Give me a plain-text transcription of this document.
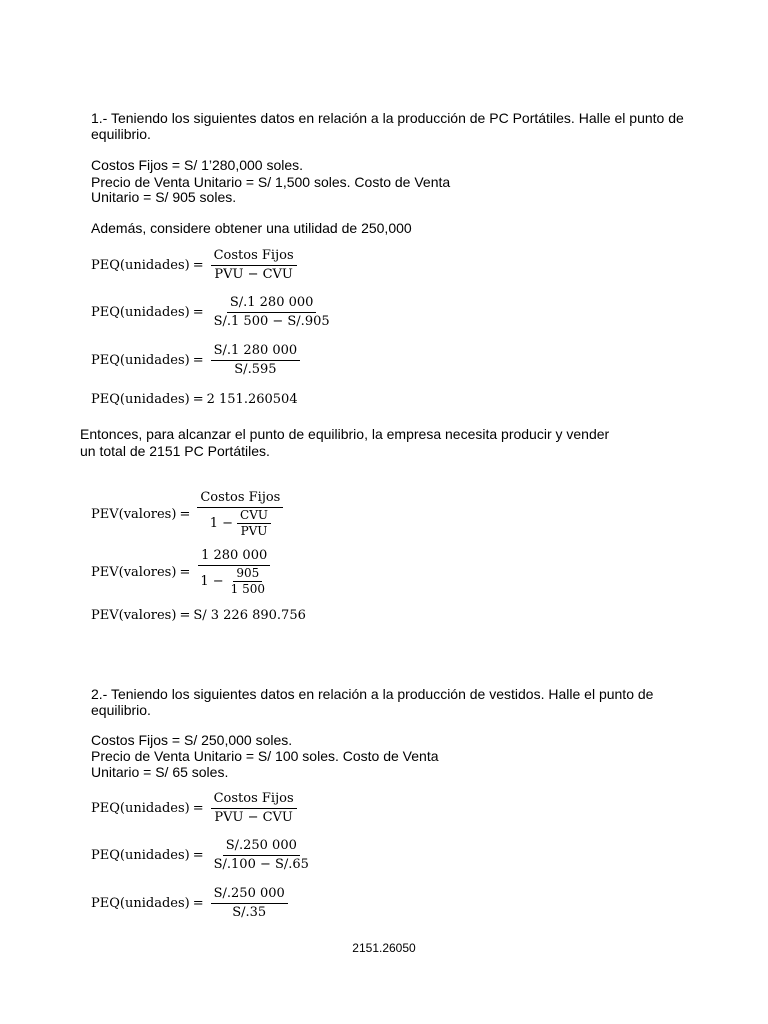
1.- Teniendo los siguientes datos en relación a la producción de PC Portátiles. Halle el punto de
equilibrio.
Costos Fijos = S/ 1’280,000 soles.
Precio de Venta Unitario = S/ 1,500 soles. Costo de Venta
Unitario = S/ 905 soles.
Además, considere obtener una utilidad de 250,000
PEQ(unidades) = $\frac{\text{Costos Fijos}}{\text{PVU − CVU}}$
PEQ(unidades) = $\frac{S/.1 280 000}{S/.1 500 - S/.905}$
PEQ(unidades) = $\frac{S/.1 280 000}{S/.595}$
PEQ(unidades) = 2 151.260504
Entonces, para alcanzar el punto de equilibrio, la empresa necesita producir y vender
un total de 2151 PC Portátiles.
PEV(valores) = $\frac{\text{Costos Fijos}}{1 - \frac{\text{CVU}}{\text{PVU}}}$
PEV(valores) = $\frac{1 280 000}{1 - \frac{905}{1 500}}$
PEV(valores) = S/ 3 226 890.756
2.- Teniendo los siguientes datos en relación a la producción de vestidos. Halle el punto de
equilibrio.
Costos Fijos = S/ 250,000 soles.
Precio de Venta Unitario = S/ 100 soles. Costo de Venta
Unitario = S/ 65 soles.
PEQ(unidades) = $\frac{\text{Costos Fijos}}{\text{PVU − CVU}}$
PEQ(unidades) = $\frac{S/.250 000}{S/.100 - S/.65}$
PEQ(unidades) = $\frac{S/.250 000}{S/.35}$
2151.26050
